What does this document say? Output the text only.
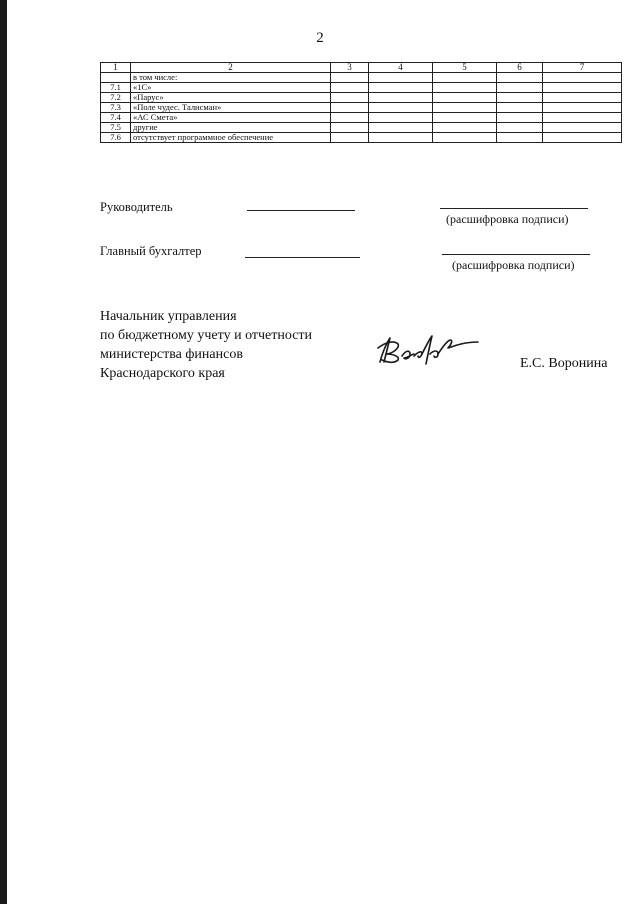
2
1	2	3	4	5	6	7
	в том числе:					
7.1	«1С»					
7.2	«Парус»					
7.3	«Поле чудес. Талисман»					
7.4	«АС Смета»					
7.5	другие					
7.6	отсутствует программное обеспечение					
Руководитель
(расшифровка подписи)
Главный бухгалтер
(расшифровка подписи)
Начальник управления
по бюджетному учету и отчетности
министерства финансов
Краснодарского края
Е.С. Воронина
